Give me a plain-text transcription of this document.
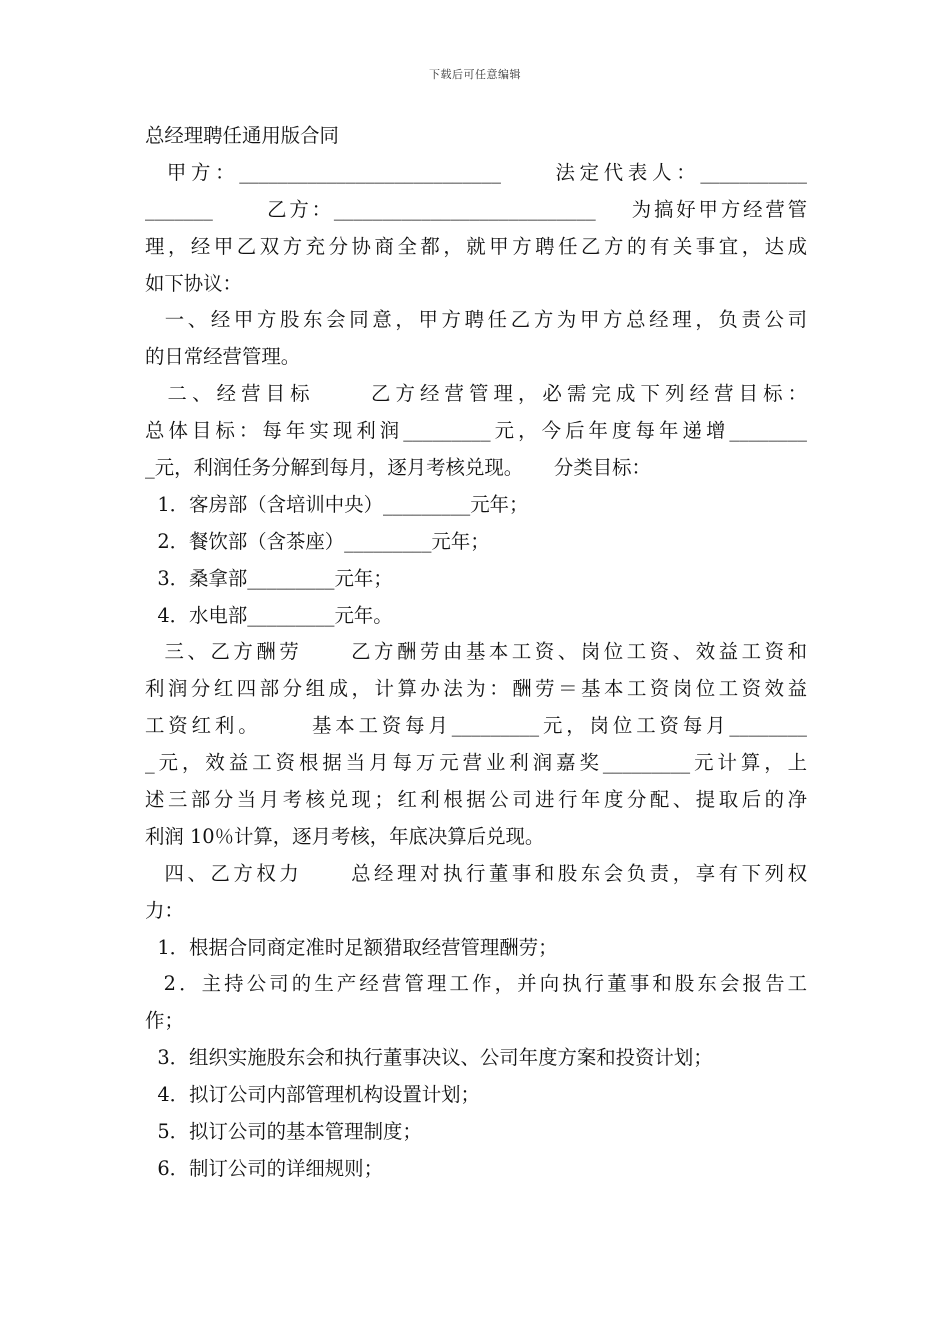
下载后可任意编辑
总经理聘任通用版合同
甲方：___________________________     法定代表人：___________
_______      乙方：___________________________    为搞好甲方经营管
理，经甲乙双方充分协商全都，就甲方聘任乙方的有关事宜，达成
如下协议：
一、经甲方股东会同意，甲方聘任乙方为甲方总经理，负责公司
的日常经营管理。
二、经营目标     乙方经营管理，必需完成下列经营目标：
总体目标：每年实现利润_________元，今后年度每年递增________
_元，利润任务分解到每月，逐月考核兑现。     分类目标：
1．客房部（含培训中央）_________元年；
2．餐饮部（含茶座）_________元年；
3．桑拿部_________元年；
4．水电部_________元年。
三、乙方酬劳     乙方酬劳由基本工资、岗位工资、效益工资和
利润分红四部分组成，计算办法为：酬劳＝基本工资岗位工资效益
工资红利。     基本工资每月_________元，岗位工资每月________
_元，效益工资根据当月每万元营业利润嘉奖_________元计算，上
述三部分当月考核兑现；红利根据公司进行年度分配、提取后的净
利润 10％计算，逐月考核，年底决算后兑现。
四、乙方权力     总经理对执行董事和股东会负责，享有下列权
力：
1．根据合同商定准时足额猎取经营管理酬劳；
2．主持公司的生产经营管理工作，并向执行董事和股东会报告工
作；
3．组织实施股东会和执行董事决议、公司年度方案和投资计划；
4．拟订公司内部管理机构设置计划；
5．拟订公司的基本管理制度；
6．制订公司的详细规则；
